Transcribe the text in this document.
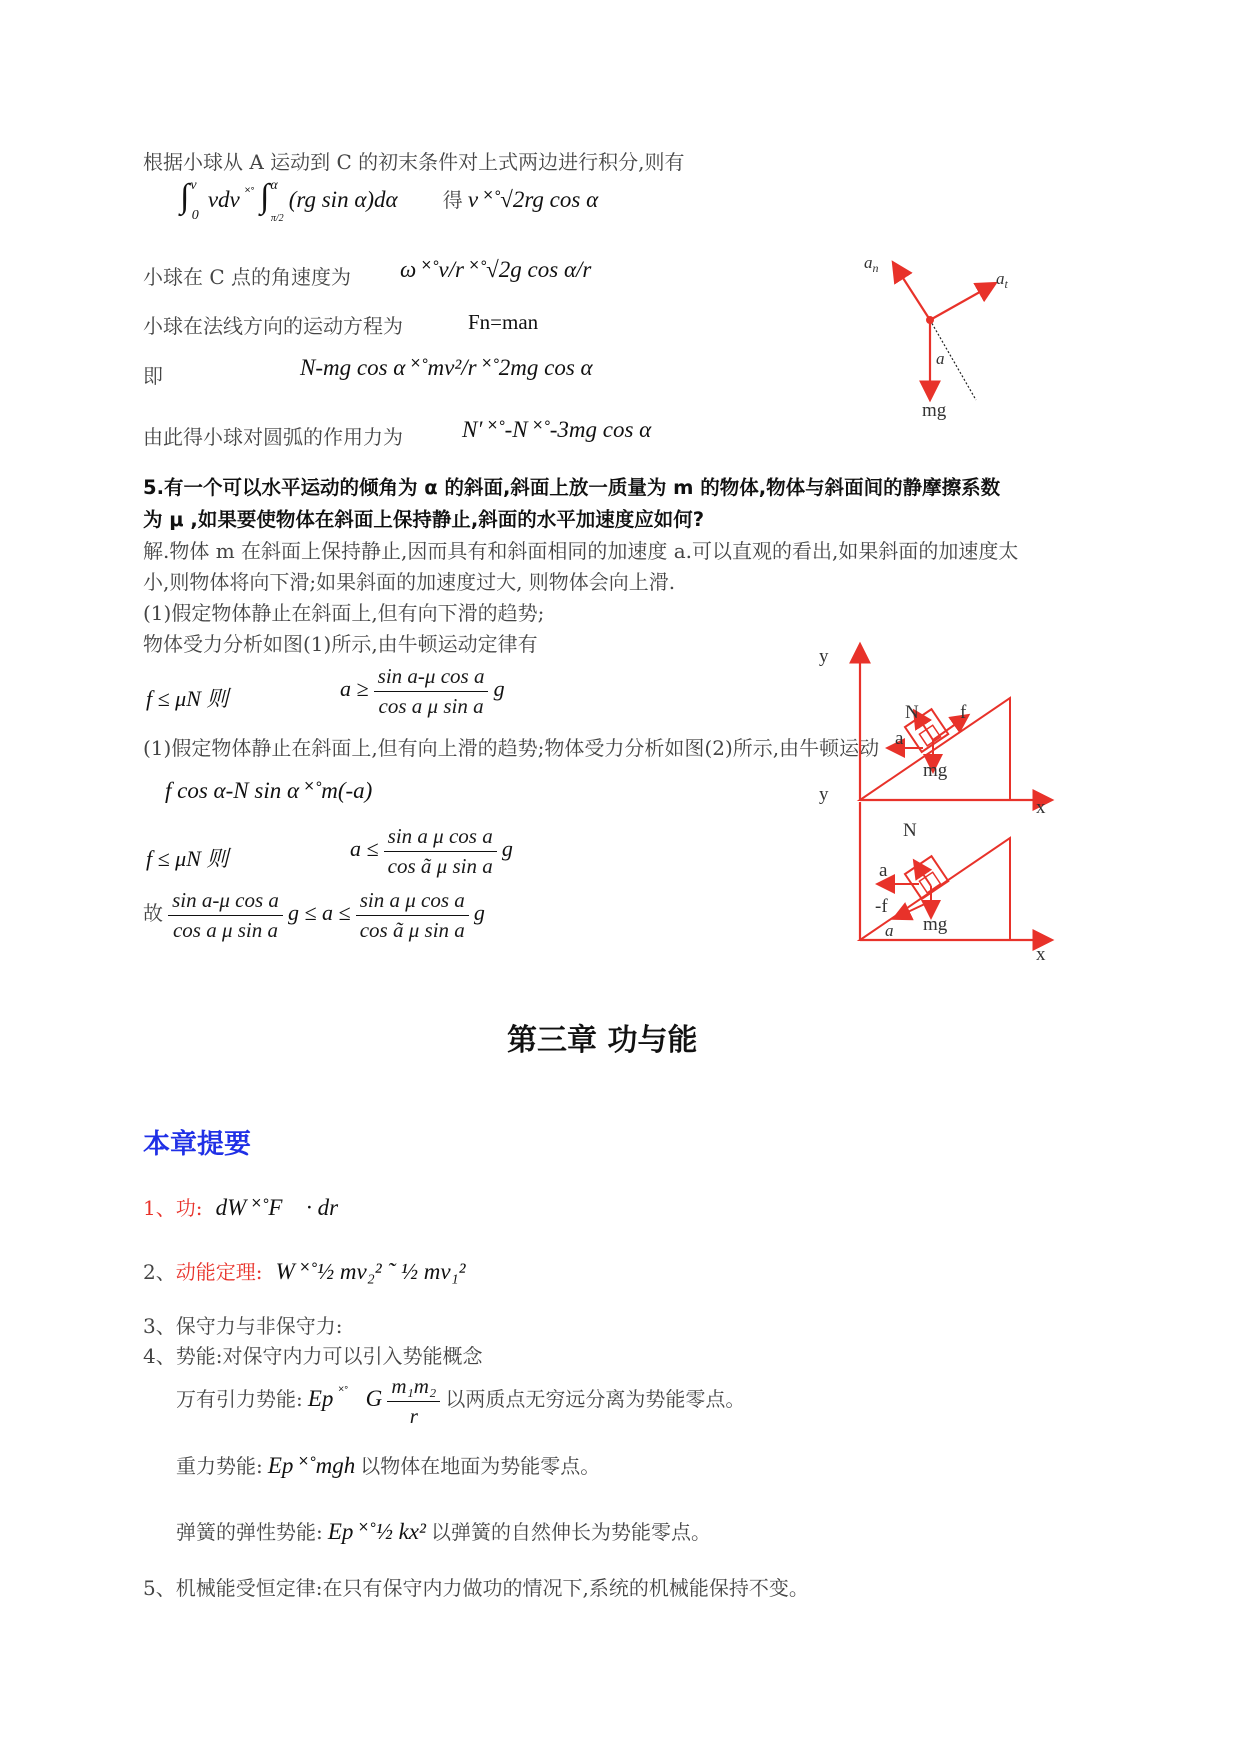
根据小球从 A 运动到 C 的初末条件对上式两边进行积分,则有
∫ v 0 vdv ˟˚ ∫ α $_{\pi/2}$ (rg sin α)dα 得 v ˟˚√2rg cos α
小球在 C 点的角速度为 ω ˟˚v/r ˟˚√2g cos α/r
小球在法线方向的运动方程为	Fn=man
即	N-mg cos α ˟˚mv²/r ˟˚2mg cos α
由此得小球对圆弧的作用力为	N′ ˟˚-N ˟˚-3mg cos α
$a_n$
$a_t$
a
mg
5.有一个可以水平运动的倾角为 α 的斜面,斜面上放一质量为 m 的物体,物体与斜面间的静摩擦系数
为 μ ,如果要使物体在斜面上保持静止,斜面的水平加速度应如何?
解.物体 m 在斜面上保持静止,因而具有和斜面相同的加速度 a.可以直观的看出,如果斜面的加速度太
小,则物体将向下滑;如果斜面的加速度过大, 则物体会向上滑.
(1)假定物体静止在斜面上,但有向下滑的趋势;
物体受力分析如图(1)所示,由牛顿运动定律有
f ≤ μN 则	$a \ge \frac{\text{sin a-μ cos a}}{\text{cos a μ sin a}}$ g
(1)假定物体静止在斜面上,但有向上滑的趋势;物体受力分析如图(2)所示,由牛顿运动
f cos α-N sin α ˟˚m(-a)
f ≤ μN 则	$a \le \frac{\text{sin a μ cos a}}{\text{cos ã μ sin a}}$ g
故 $\frac{\text{sin a-μ cos a}}{\text{cos a μ sin a}}$ $g \le a \le \frac{\text{sin a μ cos a}}{\text{cos ã μ sin a}}$ g
y
N f
a
mg
y
x
N
a
-f
mg
a
x
第三章 功与能
本章提要
1、功: dW ˟˚F⃗ · dr⃗
2、动能定理: W ˟˚½ mv₂² ˜ ½ mv₁²
3、保守力与非保守力:
4、势能:对保守内力可以引入势能概念
万有引力势能: Ep ˟˚ G $\frac{\text{m₁m₂}}{r}$ 以两质点无穷远分离为势能零点。
重力势能: Ep ˟˚mgh 以物体在地面为势能零点。
弹簧的弹性势能: Ep ˟˚½ kx² 以弹簧的自然伸长为势能零点。
5、机械能受恒定律:在只有保守内力做功的情况下,系统的机械能保持不变。
